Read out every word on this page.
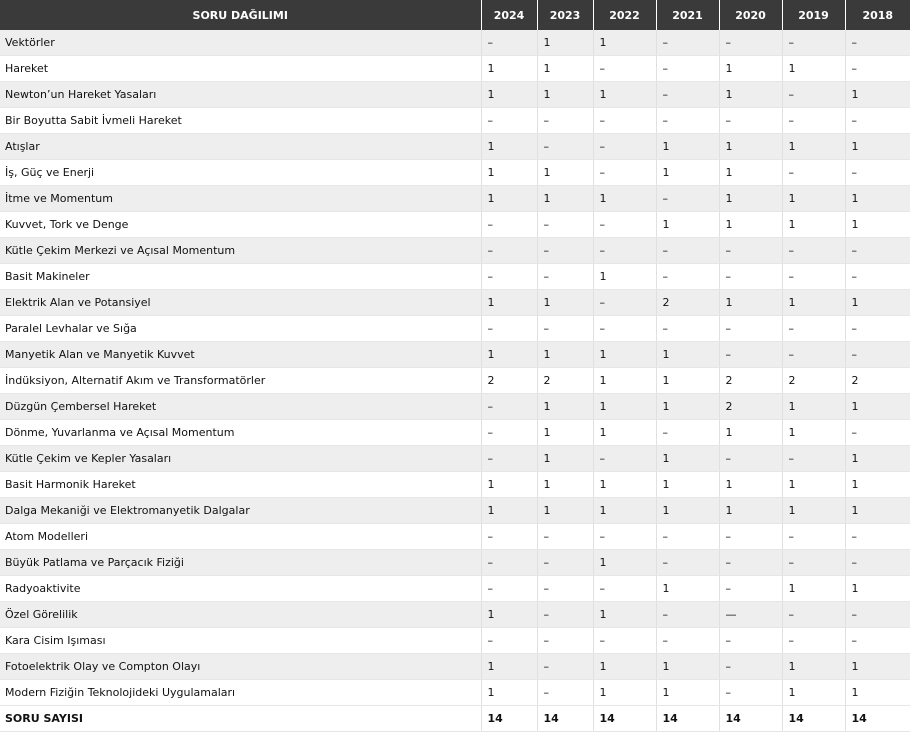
SORU DAĞILIMI	2024	2023	2022	2021	2020	2019	2018
Vektörler	–	1	1	–	–	–	–
Hareket	1	1	–	–	1	1	–
Newton’un Hareket Yasaları	1	1	1	–	1	–	1
Bir Boyutta Sabit İvmeli Hareket	–	–	–	–	–	–	–
Atışlar	1	–	–	1	1	1	1
İş, Güç ve Enerji	1	1	–	1	1	–	–
İtme ve Momentum	1	1	1	–	1	1	1
Kuvvet, Tork ve Denge	–	–	–	1	1	1	1
Kütle Çekim Merkezi ve Açısal Momentum	–	–	–	–	–	–	–
Basit Makineler	–	–	1	–	–	–	–
Elektrik Alan ve Potansiyel	1	1	–	2	1	1	1
Paralel Levhalar ve Sığa	–	–	–	–	–	–	–
Manyetik Alan ve Manyetik Kuvvet	1	1	1	1	–	–	–
İndüksiyon, Alternatif Akım ve Transformatörler	2	2	1	1	2	2	2
Düzgün Çembersel Hareket	–	1	1	1	2	1	1
Dönme, Yuvarlanma ve Açısal Momentum	–	1	1	–	1	1	–
Kütle Çekim ve Kepler Yasaları	–	1	–	1	–	–	1
Basit Harmonik Hareket	1	1	1	1	1	1	1
Dalga Mekaniği ve Elektromanyetik Dalgalar	1	1	1	1	1	1	1
Atom Modelleri	–	–	–	–	–	–	–
Büyük Patlama ve Parçacık Fiziği	–	–	1	–	–	–	–
Radyoaktivite	–	–	–	1	–	1	1
Özel Görelilik	1	–	1	–	—	–	–
Kara Cisim Işıması	–	–	–	–	–	–	–
Fotoelektrik Olay ve Compton Olayı	1	–	1	1	–	1	1
Modern Fiziğin Teknolojideki Uygulamaları	1	–	1	1	–	1	1
SORU SAYISI	14	14	14	14	14	14	14
